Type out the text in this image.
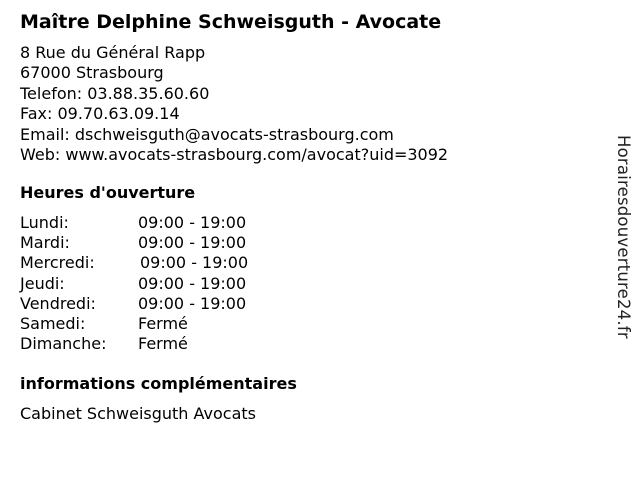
Maître Delphine Schweisguth - Avocate
8 Rue du Général Rapp
67000 Strasbourg
Telefon: 03.88.35.60.60
Fax: 09.70.63.09.14
Email: dschweisguth@avocats-strasbourg.com
Web: www.avocats-strasbourg.com/avocat?uid=3092
Heures d'ouverture
Lundi:	09:00 - 19:00
Mardi:	09:00 - 19:00
Mercredi:	09:00 - 19:00
Jeudi:	09:00 - 19:00
Vendredi:	09:00 - 19:00
Samedi:	Fermé
Dimanche: Fermé
informations complémentaires
Cabinet Schweisguth Avocats
Horairesdouverture24.fr
